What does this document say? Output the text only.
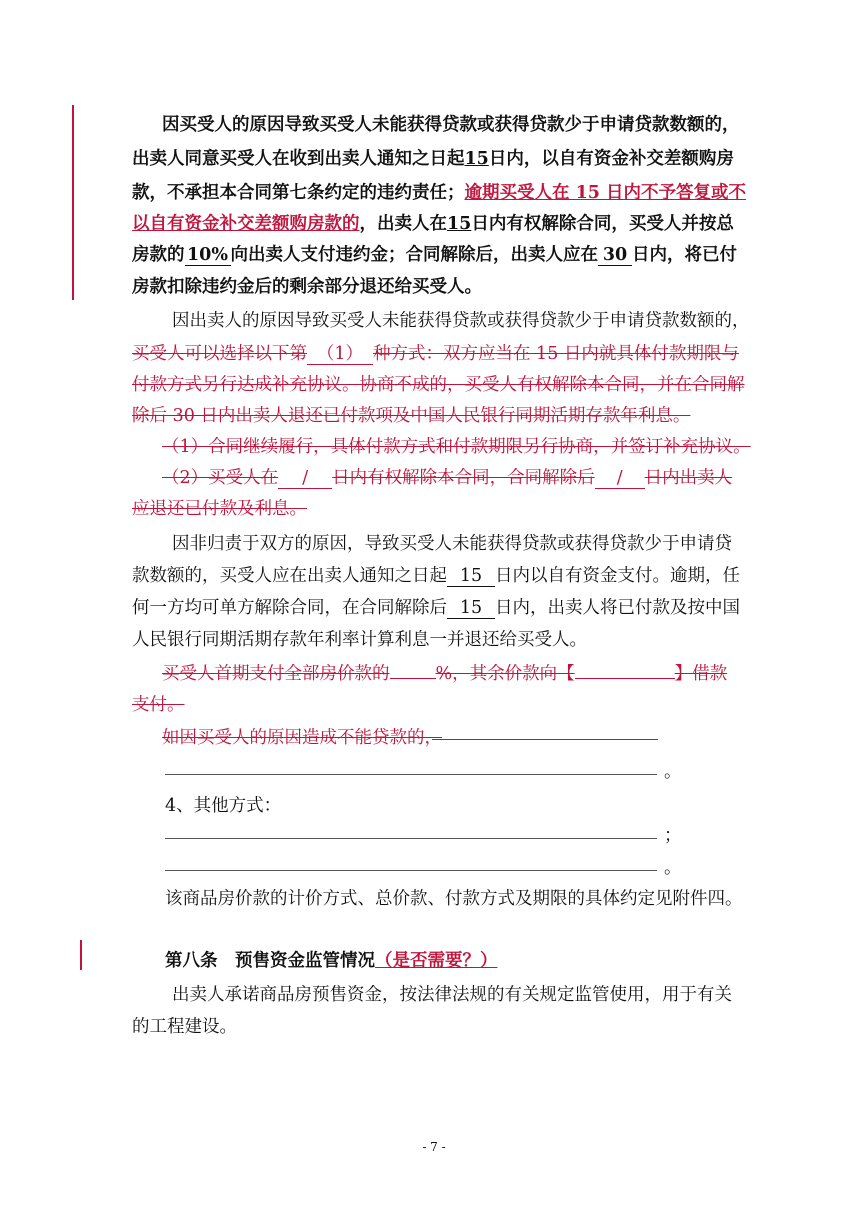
因买受人的原因导致买受人未能获得贷款或获得贷款少于申请贷款数额的，
出卖人同意买受人在收到出卖人通知之日起15日内，以自有资金补交差额购房
款，不承担本合同第七条约定的违约责任；逾期买受人在 15 日内不予答复或不
以自有资金补交差额购房款的，出卖人在15日内有权解除合同，买受人并按总
房款的 10% 向出卖人支付违约金；合同解除后，出卖人应在 30 日内，将已付
房款扣除违约金后的剩余部分退还给买受人。
因出卖人的原因导致买受人未能获得贷款或获得贷款少于申请贷款数额的，
买受人可以选择以下第 （1） 种方式：双方应当在 15 日内就具体付款期限与
付款方式另行达成补充协议。协商不成的，买受人有权解除本合同，并在合同解
除后 30 日内出卖人退还已付款项及中国人民银行同期活期存款年利息。
（1）合同继续履行，具体付款方式和付款期限另行协商，并签订补充协议。
（2）买受人在 / 日内有权解除本合同，合同解除后 / 日内出卖人
应退还已付款及利息。
因非归责于双方的原因，导致买受人未能获得贷款或获得贷款少于申请贷
款数额的，买受人应在出卖人通知之日起 15 日内以自有资金支付。逾期，任
何一方均可单方解除合同，在合同解除后 15 日内，出卖人将已付款及按中国
人民银行同期活期存款年利率计算利息一并退还给买受人。
买受人首期支付全部房价款的	%，其余价款向【	】借款
支付。
如因买受人的原因造成不能贷款的，
。
4、其他方式：
；
。
该商品房价款的计价方式、总价款、付款方式及期限的具体约定见附件四。
第八条　预售资金监管情况（是否需要？）
出卖人承诺商品房预售资金，按法律法规的有关规定监管使用，用于有关
的工程建设。
- 7 -
